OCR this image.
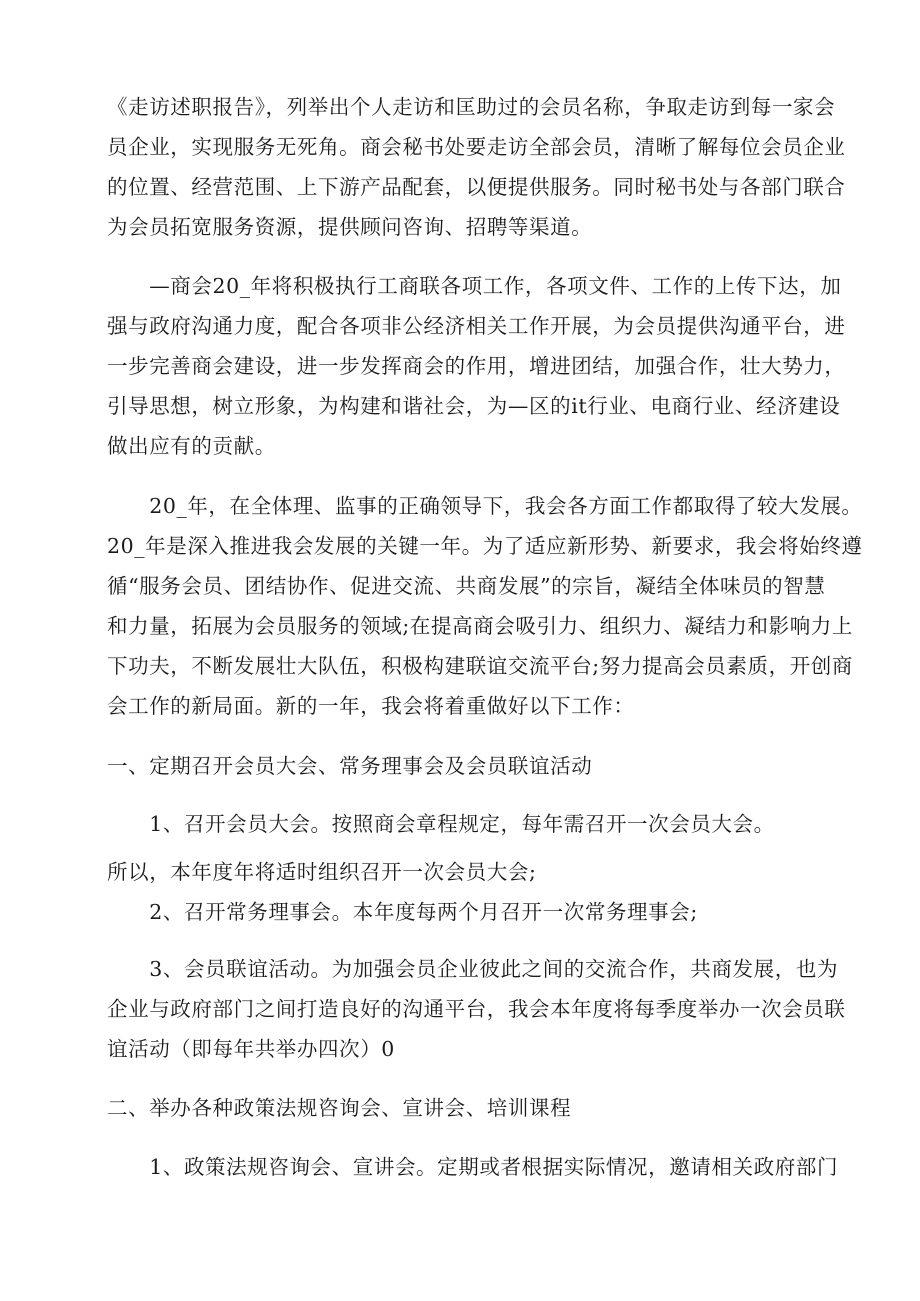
《走访述职报告》，列举出个人走访和匡助过的会员名称，争取走访到每一家会
员企业，实现服务无死角。商会秘书处要走访全部会员，清晰了解每位会员企业
的位置、经营范围、上下游产品配套，以便提供服务。同时秘书处与各部门联合
为会员拓宽服务资源，提供顾问咨询、招聘等渠道。
　　—商会20_年将积极执行工商联各项工作，各项文件、工作的上传下达，加
强与政府沟通力度，配合各项非公经济相关工作开展，为会员提供沟通平台，进
一步完善商会建设，进一步发挥商会的作用，增进团结，加强合作，壮大势力，
引导思想，树立形象，为构建和谐社会，为—区的it行业、电商行业、经济建设
做出应有的贡献。
　　20_年，在全体理、监事的正确领导下，我会各方面工作都取得了较大发展。
20_年是深入推进我会发展的关键一年。为了适应新形势、新要求，我会将始终遵
循“服务会员、团结协作、促进交流、共商发展”的宗旨，凝结全体味员的智慧
和力量，拓展为会员服务的领域;在提高商会吸引力、组织力、凝结力和影响力上
下功夫，不断发展壮大队伍，积极构建联谊交流平台;努力提高会员素质，开创商
会工作的新局面。新的一年，我会将着重做好以下工作：
一、定期召开会员大会、常务理事会及会员联谊活动
　　1、召开会员大会。按照商会章程规定，每年需召开一次会员大会。
所以，本年度年将适时组织召开一次会员大会;
　　2、召开常务理事会。本年度每两个月召开一次常务理事会;
　　3、会员联谊活动。为加强会员企业彼此之间的交流合作，共商发展，也为
企业与政府部门之间打造良好的沟通平台，我会本年度将每季度举办一次会员联
谊活动（即每年共举办四次）0
二、举办各种政策法规咨询会、宣讲会、培训课程
　　1、政策法规咨询会、宣讲会。定期或者根据实际情况，邀请相关政府部门
